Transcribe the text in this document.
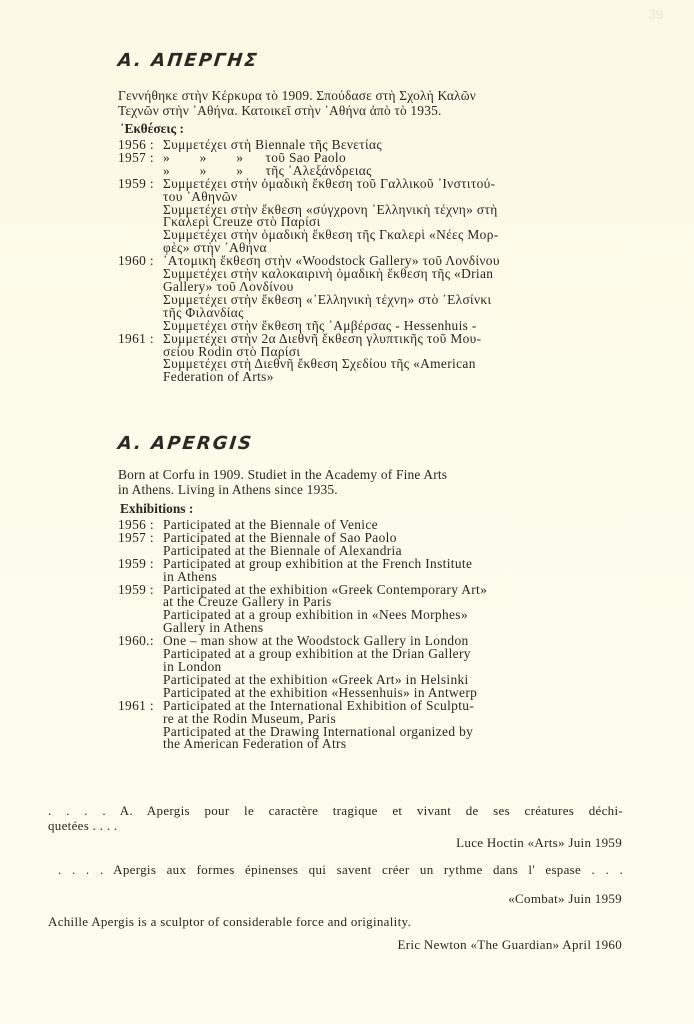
39
A. ΑΠΕΡΓΗΣ
Γεννήθηκε στὴν Κέρκυρα τὸ 1909. Σπούδασε στὴ Σχολὴ Καλῶν
Τεχνῶν στὴν ᾿Αθήνα. Κατοικεῖ στὴν ᾿Αθήνα ἀπὸ τὸ 1935.
᾿Εκθέσεις :
1956 : Συμμετέχει στὴ Biennale τῆς Βενετίας
1957 : »        »        »      τοῦ Sao Paolo
»        »        »      τῆς ᾿Αλεξάνδρειας
1959 : Συμμετέχει στὴν ὁμαδικὴ ἔκθεση τοῦ Γαλλικοῦ ᾿Ινστιτού-
του ᾿Αθηνῶν
Συμμετέχει στὴν ἔκθεση «σύγχρονη ᾿Ελληνικὴ τέχνη» στὴ
Γκαλερὶ Creuze στὸ Παρίσι
Συμμετέχει στὴν ὁμαδικὴ ἔκθεση τῆς Γκαλερὶ «Νέες Μορ-
φὲς» στὴν ᾿Αθήνα
1960 : ᾿Ατομικὴ ἔκθεση στὴν «Woodstock Gallery» τοῦ Λονδίνου
Συμμετέχει στὴν καλοκαιρινὴ ὁμαδικὴ ἔκθεση τῆς «Drian
Gallery» τοῦ Λονδίνου
Συμμετέχει στὴν ἔκθεση «᾿Ελληνικὴ τέχνη» στὸ ᾿Ελσίνκι
τῆς Φιλανδίας
Συμμετέχει στὴν ἔκθεση τῆς ᾿Αμβέρσας - Hessenhuis -
1961 : Συμμετέχει στὴν 2α Διεθνῆ ἔκθεση γλυπτικῆς τοῦ Μου-
σείου Rodin στὸ Παρίσι
Συμμετέχει στὴ Διεθνῆ ἔκθεση Σχεδίου τῆς «American
Federation of Arts»
A. APERGIS
Born at Corfu in 1909. Studiet in the Academy of Fine Arts
in Athens. Living in Athens since 1935.
Exhibitions :
1956 : Participated at the Biennale of Venice
1957 : Participated at the Biennale of Sao Paolo
Participated at the Biennale of Alexandria
1959 : Participated at group exhibition at the French Institute
in Athens
1959 : Participated at the exhibition «Greek Contemporary Art»
at the Creuze Gallery in Paris
Participated at a group exhibition in «Nees Morphes»
Gallery in Athens
1960.: One – man show at the Woodstock Gallery in London
Participated at a group exhibition at the Drian Gallery
in London
Participated at the exhibition «Greek Art» in Helsinki
Participated at the exhibition «Hessenhuis» in Antwerp
1961 : Participated at the International Exhibition of Sculptu-
re at the Rodin Museum, Paris
Participated at the Drawing International organized by
the American Federation of Atrs
. . . . A. Apergis pour le caractère tragique et vivant de ses créatures déchi-
quetées . . . .
Luce Hoctin «Arts» Juin 1959
. . . . Apergis aux formes épinenses qui savent créer un rythme dans l' espase . . .
«Combat» Juin 1959
Achille Apergis is a sculptor of considerable force and originality.
Eric Newton «The Guardian» April 1960
